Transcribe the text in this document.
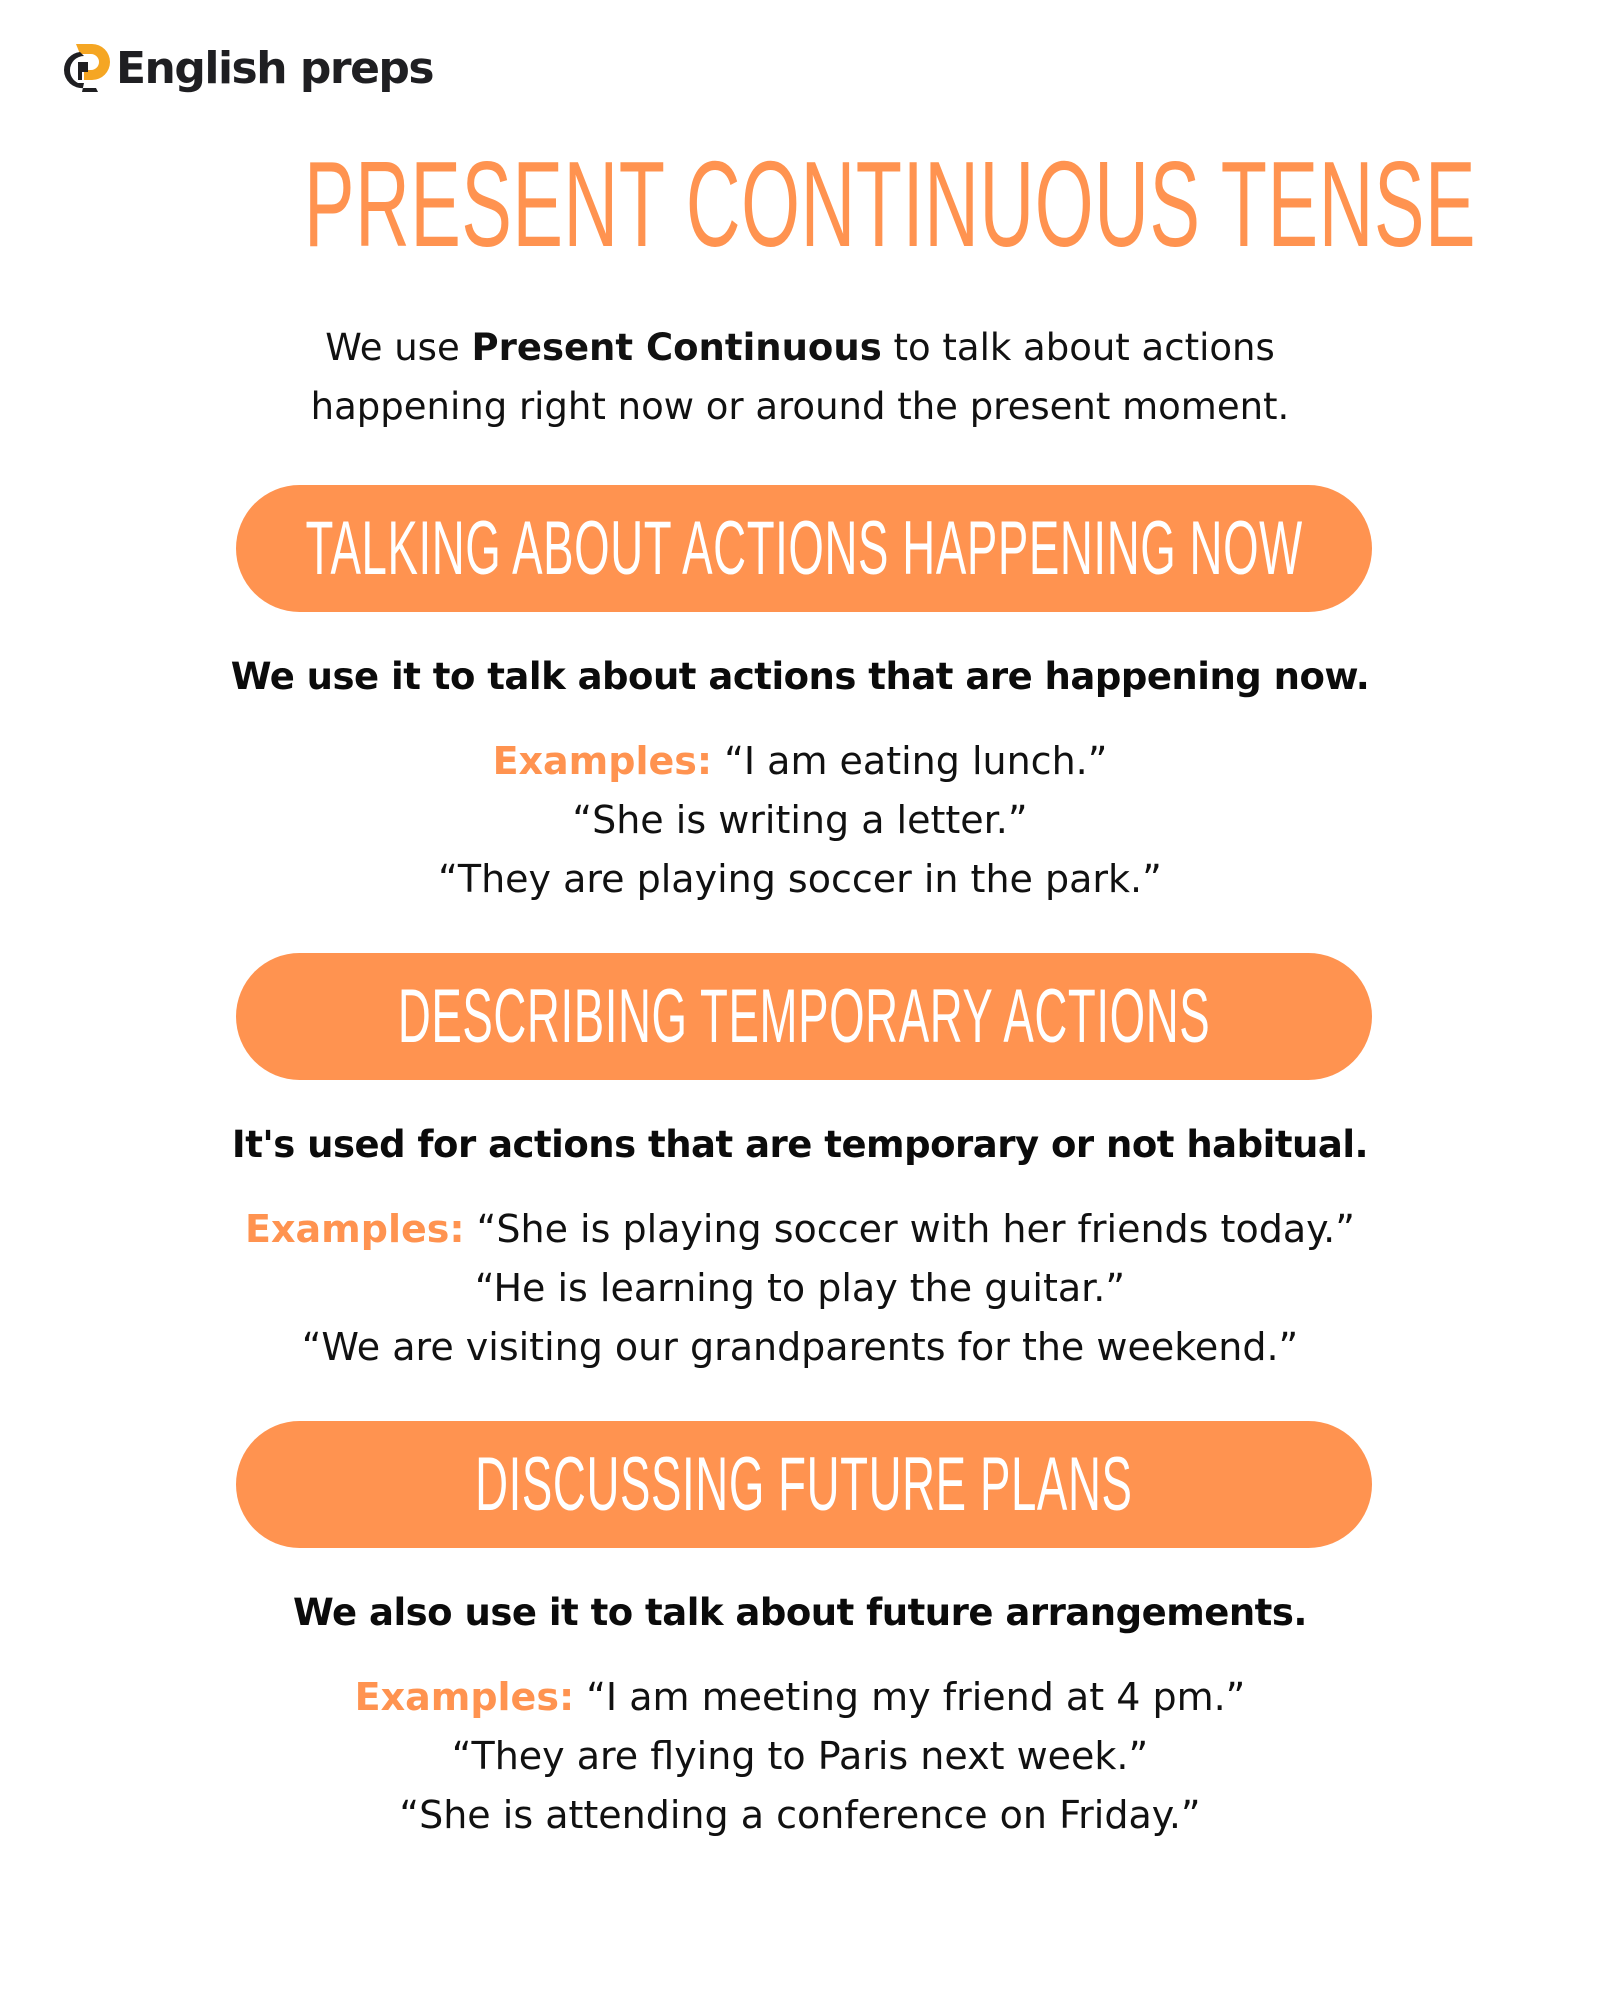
English preps
PRESENT CONTINUOUS TENSE
We use Present Continuous to talk about actions
happening right now or around the present moment.
TALKING ABOUT ACTIONS HAPPENING NOW
We use it to talk about actions that are happening now.
Examples: “I am eating lunch.”
“She is writing a letter.”
“They are playing soccer in the park.”
DESCRIBING TEMPORARY ACTIONS
It's used for actions that are temporary or not habitual.
Examples: “She is playing soccer with her friends today.”
“He is learning to play the guitar.”
“We are visiting our grandparents for the weekend.”
DISCUSSING FUTURE PLANS
We also use it to talk about future arrangements.
Examples: “I am meeting my friend at 4 pm.”
“They are flying to Paris next week.”
“She is attending a conference on Friday.”
